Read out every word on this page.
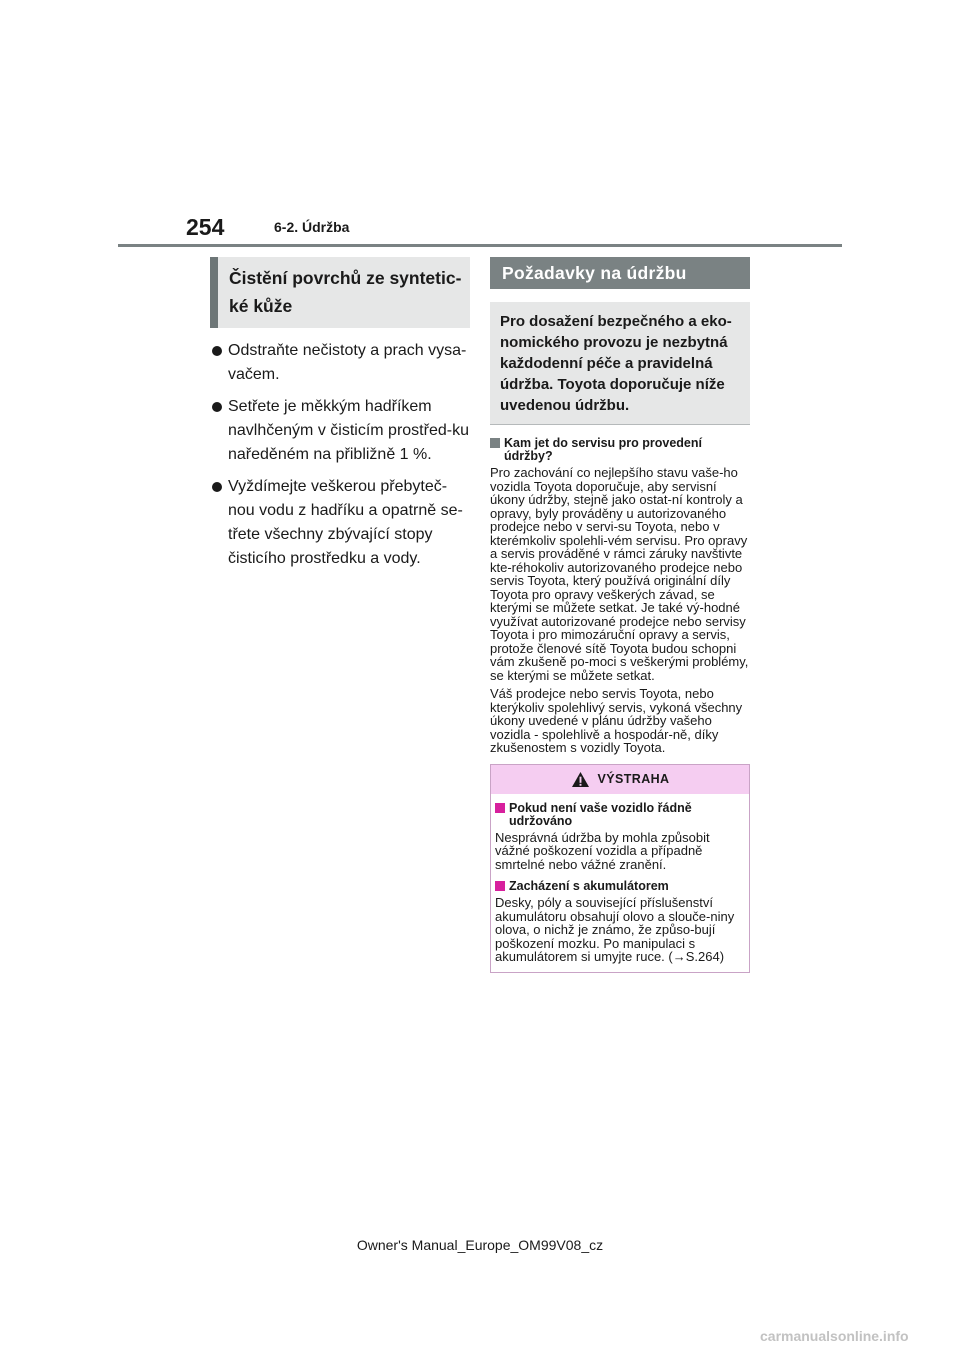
254	6-2. Údržba
Čistění povrchů ze syntetic-ké kůže
Odstraňte nečistoty a prach vysa-vačem.
Setřete je měkkým hadříkem navlhčeným v čisticím prostřed-ku naředěném na přibližně 1 %.
Vyždímejte veškerou přebyteč-nou vodu z hadříku a opatrně se-třete všechny zbývající stopy čisticího prostředku a vody.
Požadavky na údržbu
Pro dosažení bezpečného a eko-nomického provozu je nezbytná každodenní péče a pravidelná údržba. Toyota doporučuje níže uvedenou údržbu.
Kam jet do servisu pro provedení údržby?

Pro zachování co nejlepšího stavu vaše-ho vozidla Toyota doporučuje, aby servisní úkony údržby, stejně jako ostat-ní kontroly a opravy, byly prováděny u autorizovaného prodejce nebo v servi-su Toyota, nebo v kterémkoliv spolehli-vém servisu. Pro opravy a servis prováděné v rámci záruky navštivte kte-réhokoliv autorizovaného prodejce nebo servis Toyota, který používá originální díly Toyota pro opravy veškerých závad, se kterými se můžete setkat. Je také vý-hodné využívat autorizované prodejce nebo servisy Toyota i pro mimozáruční opravy a servis, protože členové sítě Toyota budou schopni vám zkušeně po-moci s veškerými problémy, se kterými se můžete setkat.

Váš prodejce nebo servis Toyota, nebo kterýkoliv spolehlivý servis, vykoná všechny úkony uvedené v plánu údržby vašeho vozidla - spolehlivě a hospodár-ně, díky zkušenostem s vozidly Toyota.

VÝSTRAHA
Pokud není vaše vozidlo řádně udržováno

Nesprávná údržba by mohla způsobit vážné poškození vozidla a případně smrtelné nebo vážné zranění.

Zacházení s akumulátorem

Desky, póly a související příslušenství akumulátoru obsahují olovo a slouče-niny olova, o nichž je známo, že způso-bují poškození mozku. Po manipulaci s akumulátorem si umyjte ruce. (→S.264)

Owner's Manual_Europe_OM99V08_cz
carmanualsonline.info
